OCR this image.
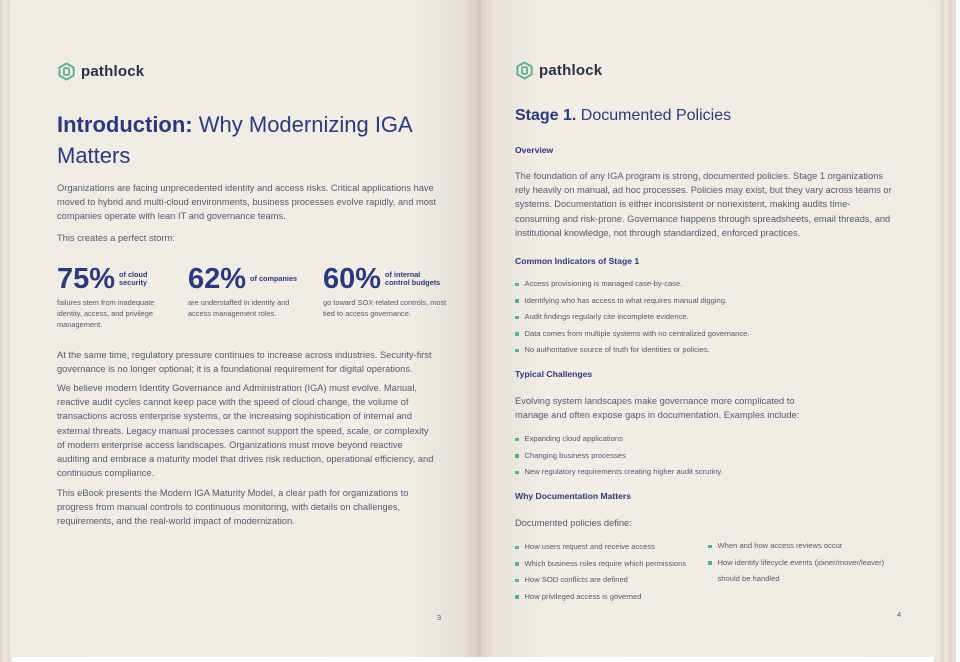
pathlock
Introduction: Why Modernizing IGA Matters

Organizations are facing unprecedented identity and access risks. Critical applications have moved to hybrid and multi-cloud environments, business processes evolve rapidly, and most companies operate with lean IT and governance teams.

This creates a perfect storm:

75% of cloud security
failures stem from inadequate identity, access, and privilege management.
62% of companies
are understaffed in identity and access management roles.
60% of internal control budgets
go toward SOX-related controls, most tied to access governance.

At the same time, regulatory pressure continues to increase across industries. Security-first governance is no longer optional; it is a foundational requirement for digital operations.

We believe modern Identity Governance and Administration (IGA) must evolve. Manual, reactive audit cycles cannot keep pace with the speed of cloud change, the volume of transactions across enterprise systems, or the increasing sophistication of internal and external threats. Legacy manual processes cannot support the speed, scale, or complexity of modern enterprise access landscapes. Organizations must move beyond reactive auditing and embrace a maturity model that drives risk reduction, operational efficiency, and continuous compliance.

This eBook presents the Modern IGA Maturity Model, a clear path for organizations to progress from manual controls to continuous monitoring, with details on challenges, requirements, and the real-world impact of modernization.

3
pathlock
Stage 1. Documented Policies
Overview

The foundation of any IGA program is strong, documented policies. Stage 1 organizations rely heavily on manual, ad hoc processes. Policies may exist, but they vary across teams or systems. Documentation is either inconsistent or nonexistent, making audits time-consuming and risk-prone. Governance happens through spreadsheets, email threads, and institutional knowledge, not through standardized, enforced practices.

Common Indicators of Stage 1
Access provisioning is managed case-by-case.
Identifying who has access to what requires manual digging.
Audit findings regularly cite incomplete evidence.
Data comes from multiple systems with no centralized governance.
No authoritative source of truth for identities or policies.
Typical Challenges

Evolving system landscapes make governance more complicated to manage and often expose gaps in documentation. Examples include:

Expanding cloud applications
Changing business processes
New regulatory requirements creating higher audit scrutiny.
Why Documentation Matters

Documented policies define:

How users request and receive access
Which business roles require which permissions
How SOD conflicts are defined
How privileged access is governed
When and how access reviews occur
How identity lifecycle events (joiner/mover/leaver) should be handled
4
